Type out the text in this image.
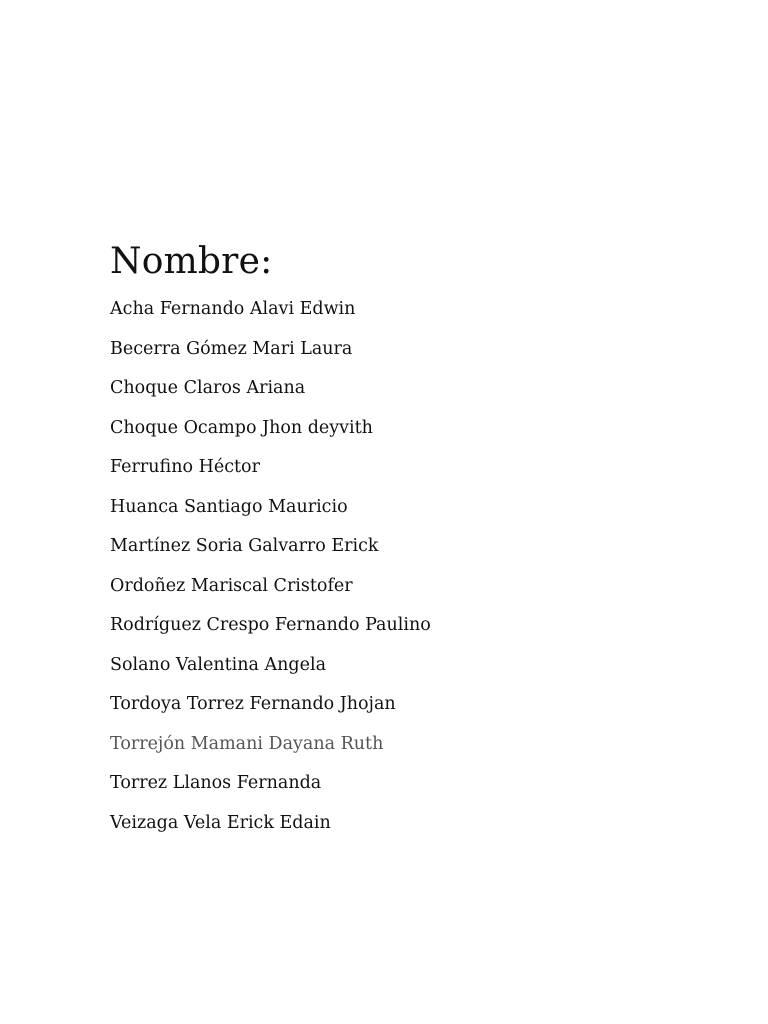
Nombre:
Acha Fernando Alavi Edwin
Becerra Gómez Mari Laura
Choque Claros Ariana
Choque Ocampo Jhon deyvith
Ferrufino Héctor
Huanca Santiago Mauricio
Martínez Soria Galvarro Erick
Ordoñez Mariscal Cristofer
Rodríguez Crespo Fernando Paulino
Solano Valentina Angela
Tordoya Torrez Fernando Jhojan
Torrejón Mamani Dayana Ruth
Torrez Llanos Fernanda
Veizaga Vela Erick Edain
